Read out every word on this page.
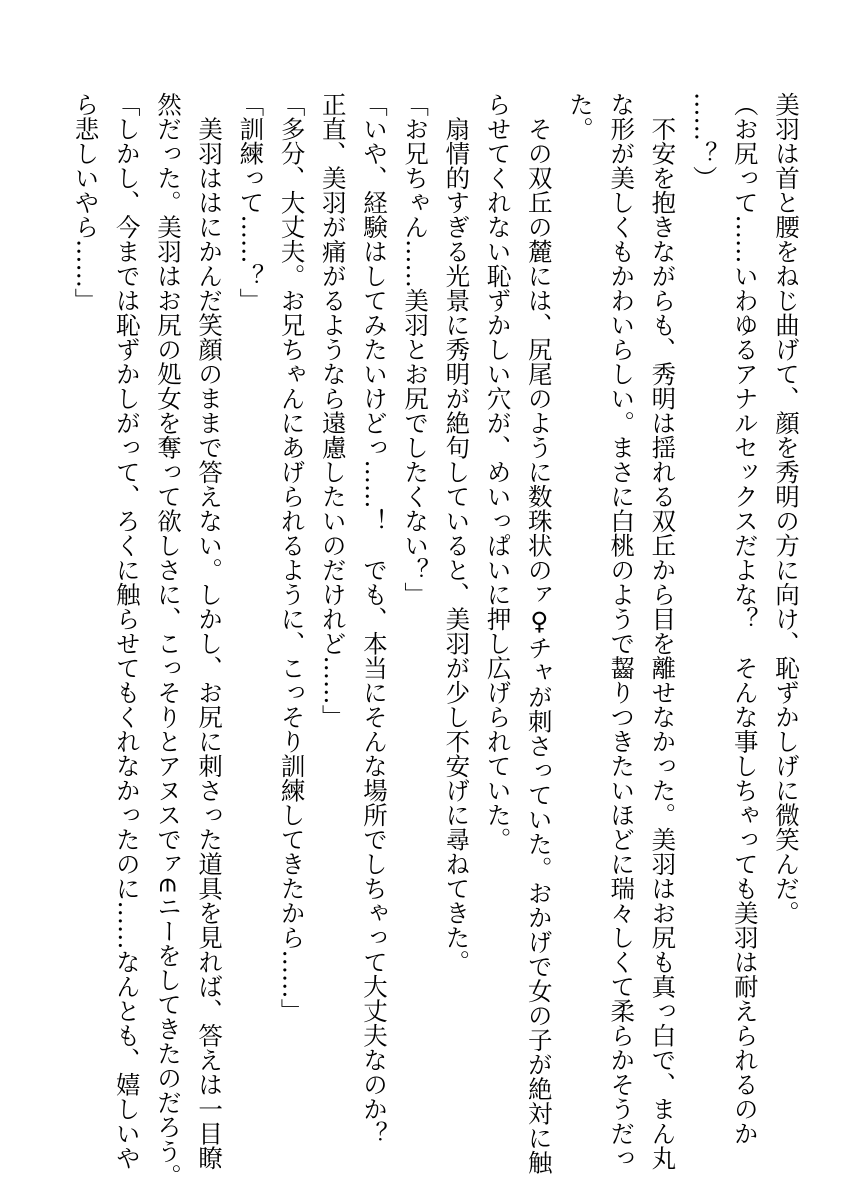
美羽は首と腰をねじ曲げて、顔を秀明の方に向け、恥ずかしげに微笑んだ。
（お尻って……いわゆるアナルセックスだよな？　そんな事しちゃっても美羽は耐えられるのか
……？）
　不安を抱きながらも、秀明は揺れる双丘から目を離せなかった。美羽はお尻も真っ白で、まん丸
な形が美しくもかわいらしい。まさに白桃のようで齧りつきたいほどに瑞々しくて柔らかそうだっ
た。
　その双丘の麓には、尻尾のように数珠状のァ♀チャが刺さっていた。おかげで女の子が絶対に触
らせてくれない恥ずかしい穴が、めいっぱいに押し広げられていた。
　扇情的すぎる光景に秀明が絶句していると、美羽が少し不安げに尋ねてきた。
「お兄ちゃん……美羽とお尻でしたくない？」
「いや、経験はしてみたいけどっ……！　でも、本当にそんな場所でしちゃって大丈夫なのか？
正直、美羽が痛がるようなら遠慮したいのだけれど……」
「多分、大丈夫。お兄ちゃんにあげられるように、こっそり訓練してきたから……」
「訓練って……？」
　美羽ははにかんだ笑顔のままで答えない。しかし、お尻に刺さった道具を見れば、答えは一目瞭
然だった。美羽はお尻の処女を奪って欲しさに、こっそりとアヌスでァ∈ニーをしてきたのだろう。
「しかし、今までは恥ずかしがって、ろくに触らせてもくれなかったのに……なんとも、嬉しいや
ら悲しいやら……」
